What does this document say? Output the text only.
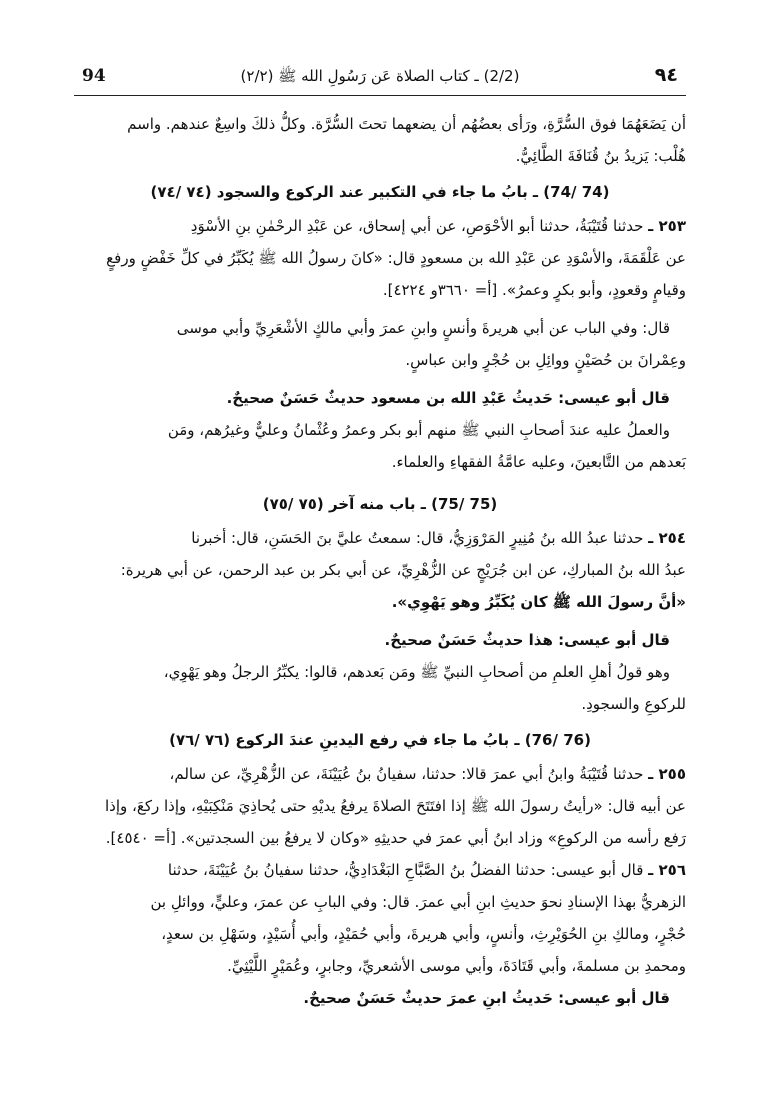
94	(2/2) ـ كتاب الصلاة عَن رَسُولِ الله ﷺ (٢/٢)	٩٤

أن يَضَعَهُمَا فوق السُّرَّةِ، ورَأى بعضُهُم أن يضعهما تحتَ السُّرَّة. وكلُّ ذلكَ واسِعٌ عندهم. واسم

هُلْب: يَزيدُ بنُ قُنَافَةَ الطَّائِيُّ.

(74 /74) ـ بابُ ما جاء في التكبير عند الركوع والسجود (٧٤ /٧٤)

٢٥٣ ـ حدثنا قُتَيْبَةُ، حدثنا أبو الأحْوَصِ، عن أبي إسحاق، عن عَبْدِ الرحْمٰنِ بنِ الأسْوَدِ

عن عَلْقَمَةَ، والأسْوَدِ عن عَبْدِ الله بن مسعودٍ قال: «كانَ رسولُ الله ﷺ يُكَبِّرُ في كلِّ خَفْضٍ ورفعٍ

وقيامٍ وقعودٍ، وأبو بكرٍ وعمرُ». [أ= ٣٦٦٠و ٤٢٢٤].

قال: وفي الباب عن أبي هريرةَ وأنسٍ وابنِ عمرَ وأبي مالكٍ الأشْعَرِيِّ وأبي موسى

وعِمْرانَ بن حُصَيْنٍ ووائِلِ بن حُجْرٍ وابن عباسٍ.

قال أبو عيسى: حَديثُ عَبْدِ الله بن مسعود حديثٌ حَسَنٌ صحيحٌ.

والعملُ عليه عندَ أصحابِ النبي ﷺ منهم أبو بكر وعمرُ وعُثْمانُ وعليٌّ وغيرُهم، ومَن

بَعدهم من التَّابعينَ، وعليه عامَّةُ الفقهاءِ والعلماء.

(75 /75) ـ باب منه آخر (٧٥ /٧٥)

٢٥٤ ـ حدثنا عبدُ الله بنُ مُنِيرٍ المَرْوَزِيُّ، قال: سمعتُ عليَّ بنَ الحَسَنِ، قال: أخبرنا

عبدُ الله بنُ المباركِ، عن ابن جُرَيْجٍ عن الزُّهْرِيِّ، عن أبي بكر بن عبد الرحمن، عن أبي هريرة:

«أنَّ رسولَ الله ﷺ كان يُكَبِّرُ وهو يَهْوِي».

قال أبو عيسى: هذا حديثٌ حَسَنٌ صحيحٌ.

وهو قولُ أهلِ العلمِ من أصحابِ النبيِّ ﷺ ومَن بَعدهم، قالوا: يكبِّرُ الرجلُ وهو يَهْوِي،

للركوعِ والسجودِ.

(76 /76) ـ بابُ ما جاء في رفع اليدينِ عندَ الركوع (٧٦ /٧٦)

٢٥٥ ـ حدثنا قُتَيْبَةُ وابنُ أبي عمرَ قالا: حدثنا، سفيانُ بنُ عُيَيْنَةَ، عن الزُّهْرِيِّ، عن سالم،

عن أبيه قال: «رأيتُ رسولَ الله ﷺ إذا افتَتَحَ الصلاةَ يرفعُ يديْهِ حتى يُحاذِيَ مَنْكِبَيْهِ، وإذا ركعَ، وإذا

رَفع رأسه من الركوعِ» وزاد ابنُ أبي عمرَ في حديثِهِ «وكان لا يرفعُ بين السجدتين». [أ= ٤٥٤٠].

٢٥٦ ـ قال أبو عيسى: حدثنا الفضلُ بنُ الصَّبَّاحِ البَغْدَادِيُّ، حدثنا سفيانُ بنُ عُيَيْنَةَ، حدثنا

الزهريُّ بهذا الإسنادِ نحوَ حديثِ ابنِ أبي عمرَ. قال: وفي البابِ عن عمرَ، وعليٍّ، ووائلِ بن

حُجْرٍ، ومالكِ بنِ الحُوَيْرِثِ، وأنسٍ، وأبي هريرةَ، وأبي حُمَيْدٍ، وأبي أُسَيْدٍ، وسَهْلِ بن سعدٍ،

ومحمدِ بن مسلمةَ، وأبي قَتَادَةَ، وأبي موسى الأشعريِّ، وجابرٍ، وعُمَيْرٍ اللَّيْثِيِّ.

قال أبو عيسى: حَديثُ ابنِ عمرَ حديثٌ حَسَنٌ صحيحٌ.
